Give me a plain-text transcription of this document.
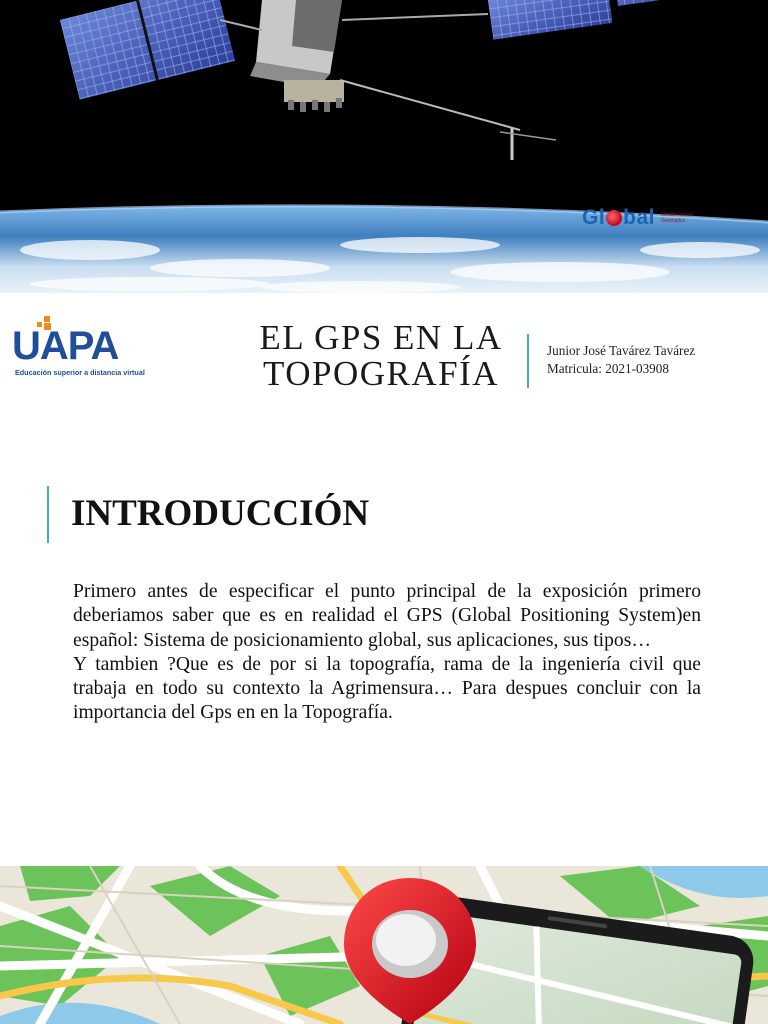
Gl bal Mediterranean Geomatics
UAPA
Educación superior a distancia virtual
EL GPS EN LA
TOPOGRAFÍA
Junior José Tavárez Tavárez
Matricula: 2021-03908
INTRODUCCIÓN

Primero antes de especificar el punto principal de la exposición primero deberiamos saber que es en realidad el GPS (Global Positioning System)en español: Sistema de posicionamiento global, sus aplicaciones, sus tipos…

Y tambien ?Que es de por si la topografía, rama de la ingeniería civil que trabaja en todo su contexto la Agrimensura… Para despues concluir con la importancia del Gps en en la Topografía.
